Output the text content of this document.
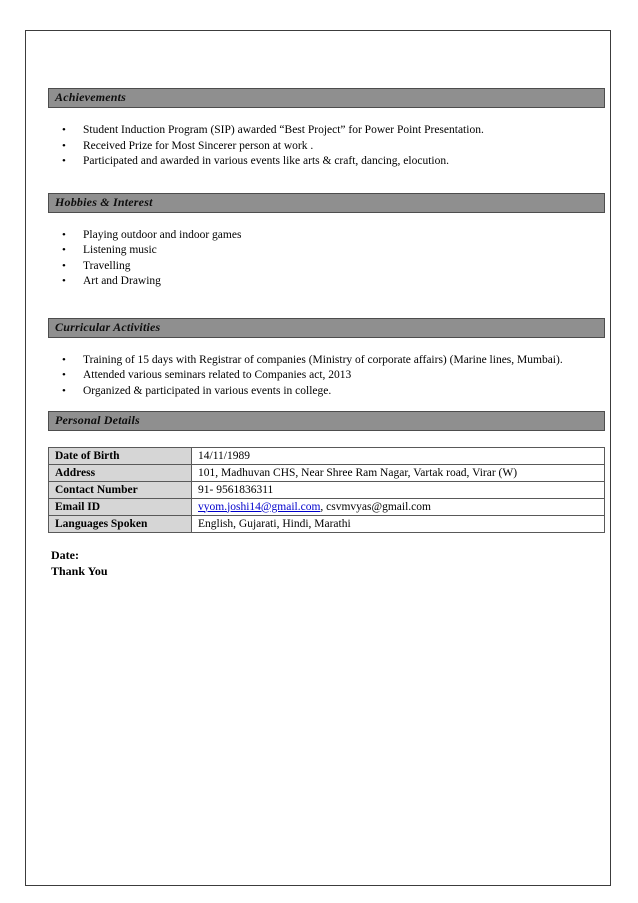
Achievements
•	Student Induction Program (SIP) awarded “Best Project” for Power Point Presentation.
•	Received Prize for Most Sincerer person at work .
•	Participated and awarded in various events like arts & craft, dancing, elocution.
Hobbies & Interest
•	Playing outdoor and indoor games
•	Listening music
•	Travelling
•	Art and Drawing
Curricular Activities
•	Training of 15 days with Registrar of companies (Ministry of corporate affairs) (Marine lines, Mumbai).
•	Attended various seminars related to Companies act, 2013
•	Organized & participated in various events in college.
Personal Details
Date of Birth	14/11/1989
Address	101, Madhuvan CHS, Near Shree Ram Nagar, Vartak road, Virar (W)
Contact Number	91- 9561836311
Email ID	vyom.joshi14@gmail.com, csvmvyas@gmail.com
Languages Spoken	English, Gujarati, Hindi, Marathi
Date:
Thank You
